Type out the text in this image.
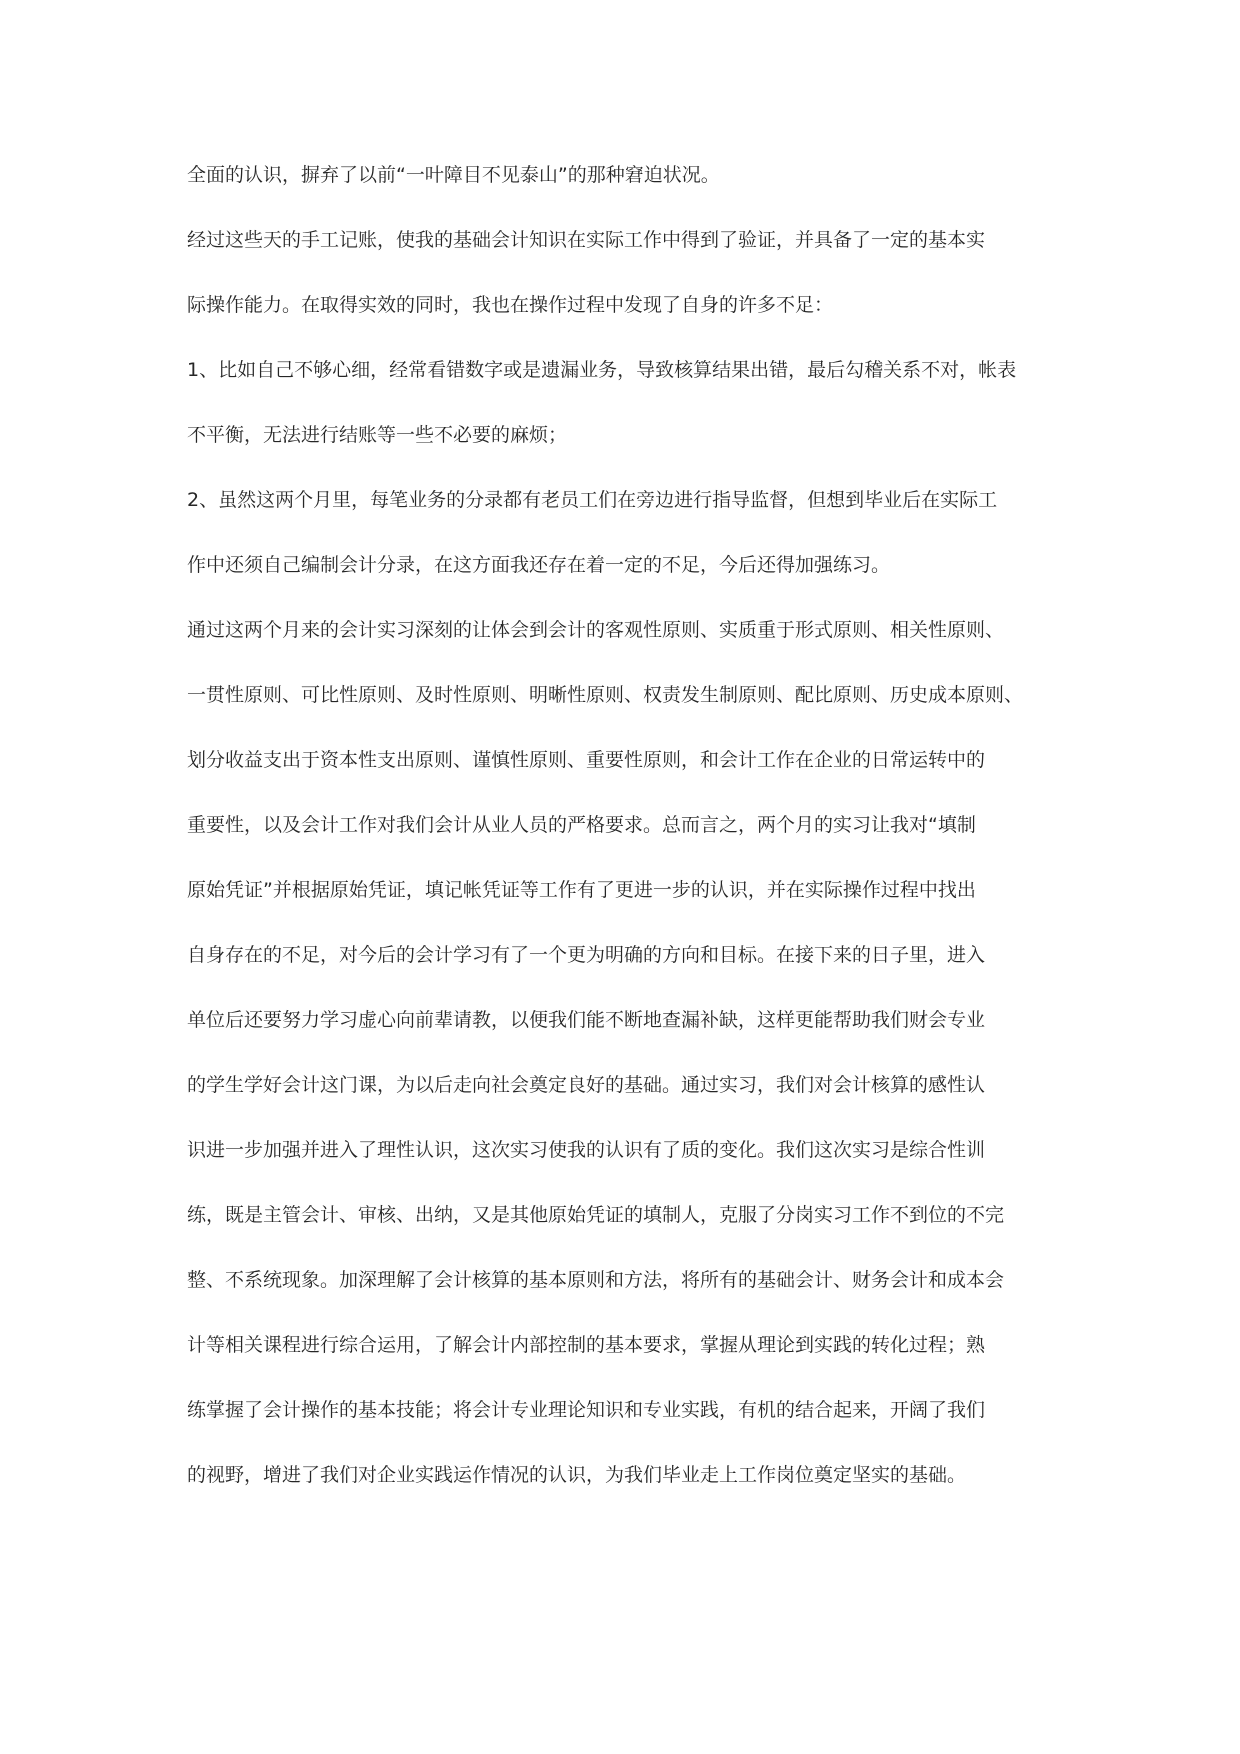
全面的认识，摒弃了以前“一叶障目不见泰山”的那种窘迫状况。
经过这些天的手工记账，使我的基础会计知识在实际工作中得到了验证，并具备了一定的基本实
际操作能力。在取得实效的同时，我也在操作过程中发现了自身的许多不足：
1、比如自己不够心细，经常看错数字或是遗漏业务，导致核算结果出错，最后勾稽关系不对，帐表
不平衡，无法进行结账等一些不必要的麻烦；
2、虽然这两个月里，每笔业务的分录都有老员工们在旁边进行指导监督，但想到毕业后在实际工
作中还须自己编制会计分录，在这方面我还存在着一定的不足，今后还得加强练习。
通过这两个月来的会计实习深刻的让体会到会计的客观性原则、实质重于形式原则、相关性原则、
一贯性原则、可比性原则、及时性原则、明晰性原则、权责发生制原则、配比原则、历史成本原则、
划分收益支出于资本性支出原则、谨慎性原则、重要性原则，和会计工作在企业的日常运转中的
重要性，以及会计工作对我们会计从业人员的严格要求。总而言之，两个月的实习让我对“填制
原始凭证”并根据原始凭证，填记帐凭证等工作有了更进一步的认识，并在实际操作过程中找出
自身存在的不足，对今后的会计学习有了一个更为明确的方向和目标。在接下来的日子里，进入
单位后还要努力学习虚心向前辈请教，以便我们能不断地查漏补缺，这样更能帮助我们财会专业
的学生学好会计这门课，为以后走向社会奠定良好的基础。通过实习，我们对会计核算的感性认
识进一步加强并进入了理性认识，这次实习使我的认识有了质的变化。我们这次实习是综合性训
练，既是主管会计、审核、出纳，又是其他原始凭证的填制人，克服了分岗实习工作不到位的不完
整、不系统现象。加深理解了会计核算的基本原则和方法，将所有的基础会计、财务会计和成本会
计等相关课程进行综合运用，了解会计内部控制的基本要求，掌握从理论到实践的转化过程；熟
练掌握了会计操作的基本技能；将会计专业理论知识和专业实践，有机的结合起来，开阔了我们
的视野，增进了我们对企业实践运作情况的认识，为我们毕业走上工作岗位奠定坚实的基础。
